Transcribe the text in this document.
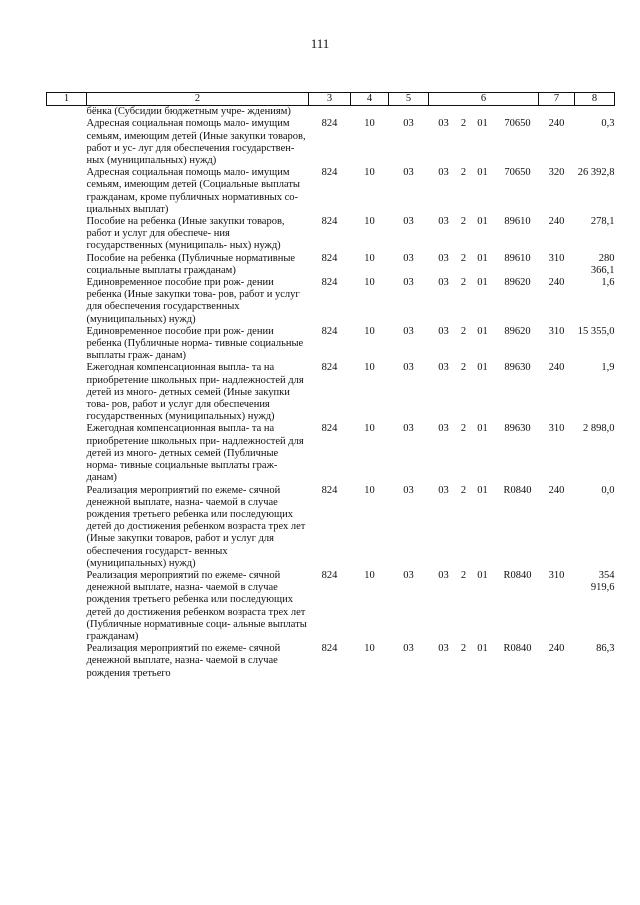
111
1	2	3	4	5	6				7	8
	бёнка (Субсидии бюджетным учре- ждениям)									
	Адресная социальная помощь мало- имущим семьям, имеющим детей (Иные закупки товаров, работ и ус- луг для обеспечения государствен- ных (муниципальных) нужд)	824	10	03	03	2	01	70650	240	0,3
	Адресная социальная помощь мало- имущим семьям, имеющим детей (Социальные выплаты гражданам, кроме публичных нормативных со- циальных выплат)	824	10	03	03	2	01	70650	320	26 392,8
	Пособие на ребенка (Иные закупки товаров, работ и услуг для обеспече- ния государственных (муниципаль- ных) нужд)	824	10	03	03	2	01	89610	240	278,1
	Пособие на ребенка (Публичные нормативные социальные выплаты гражданам)	824	10	03	03	2	01	89610	310	280 366,1
	Единовременное пособие при рож- дении ребенка (Иные закупки това- ров, работ и услуг для обеспечения государственных (муниципальных) нужд)	824	10	03	03	2	01	89620	240	1,6
	Единовременное пособие при рож- дении ребенка (Публичные норма- тивные социальные выплаты граж- данам)	824	10	03	03	2	01	89620	310	15 355,0
	Ежегодная компенсационная выпла- та на приобретение школьных при- надлежностей для детей из много- детных семей (Иные закупки това- ров, работ и услуг для обеспечения государственных (муниципальных) нужд)	824	10	03	03	2	01	89630	240	1,9
	Ежегодная компенсационная выпла- та на приобретение школьных при- надлежностей для детей из много- детных семей (Публичные норма- тивные социальные выплаты граж- данам)	824	10	03	03	2	01	89630	310	2 898,0
	Реализация мероприятий по ежеме- сячной денежной выплате, назна- чаемой в случае рождения третьего ребенка или последующих детей до достижения ребенком возраста трех лет (Иные закупки товаров, работ и услуг для обеспечения государст- венных (муниципальных) нужд)	824	10	03	03	2	01	R0840	240	0,0
	Реализация мероприятий по ежеме- сячной денежной выплате, назна- чаемой в случае рождения третьего ребенка или последующих детей до достижения ребенком возраста трех лет (Публичные нормативные соци- альные выплаты гражданам)	824	10	03	03	2	01	R0840	310	354 919,6
	Реализация мероприятий по ежеме- сячной денежной выплате, назна- чаемой в случае рождения третьего	824	10	03	03	2	01	R0840	240	86,3
